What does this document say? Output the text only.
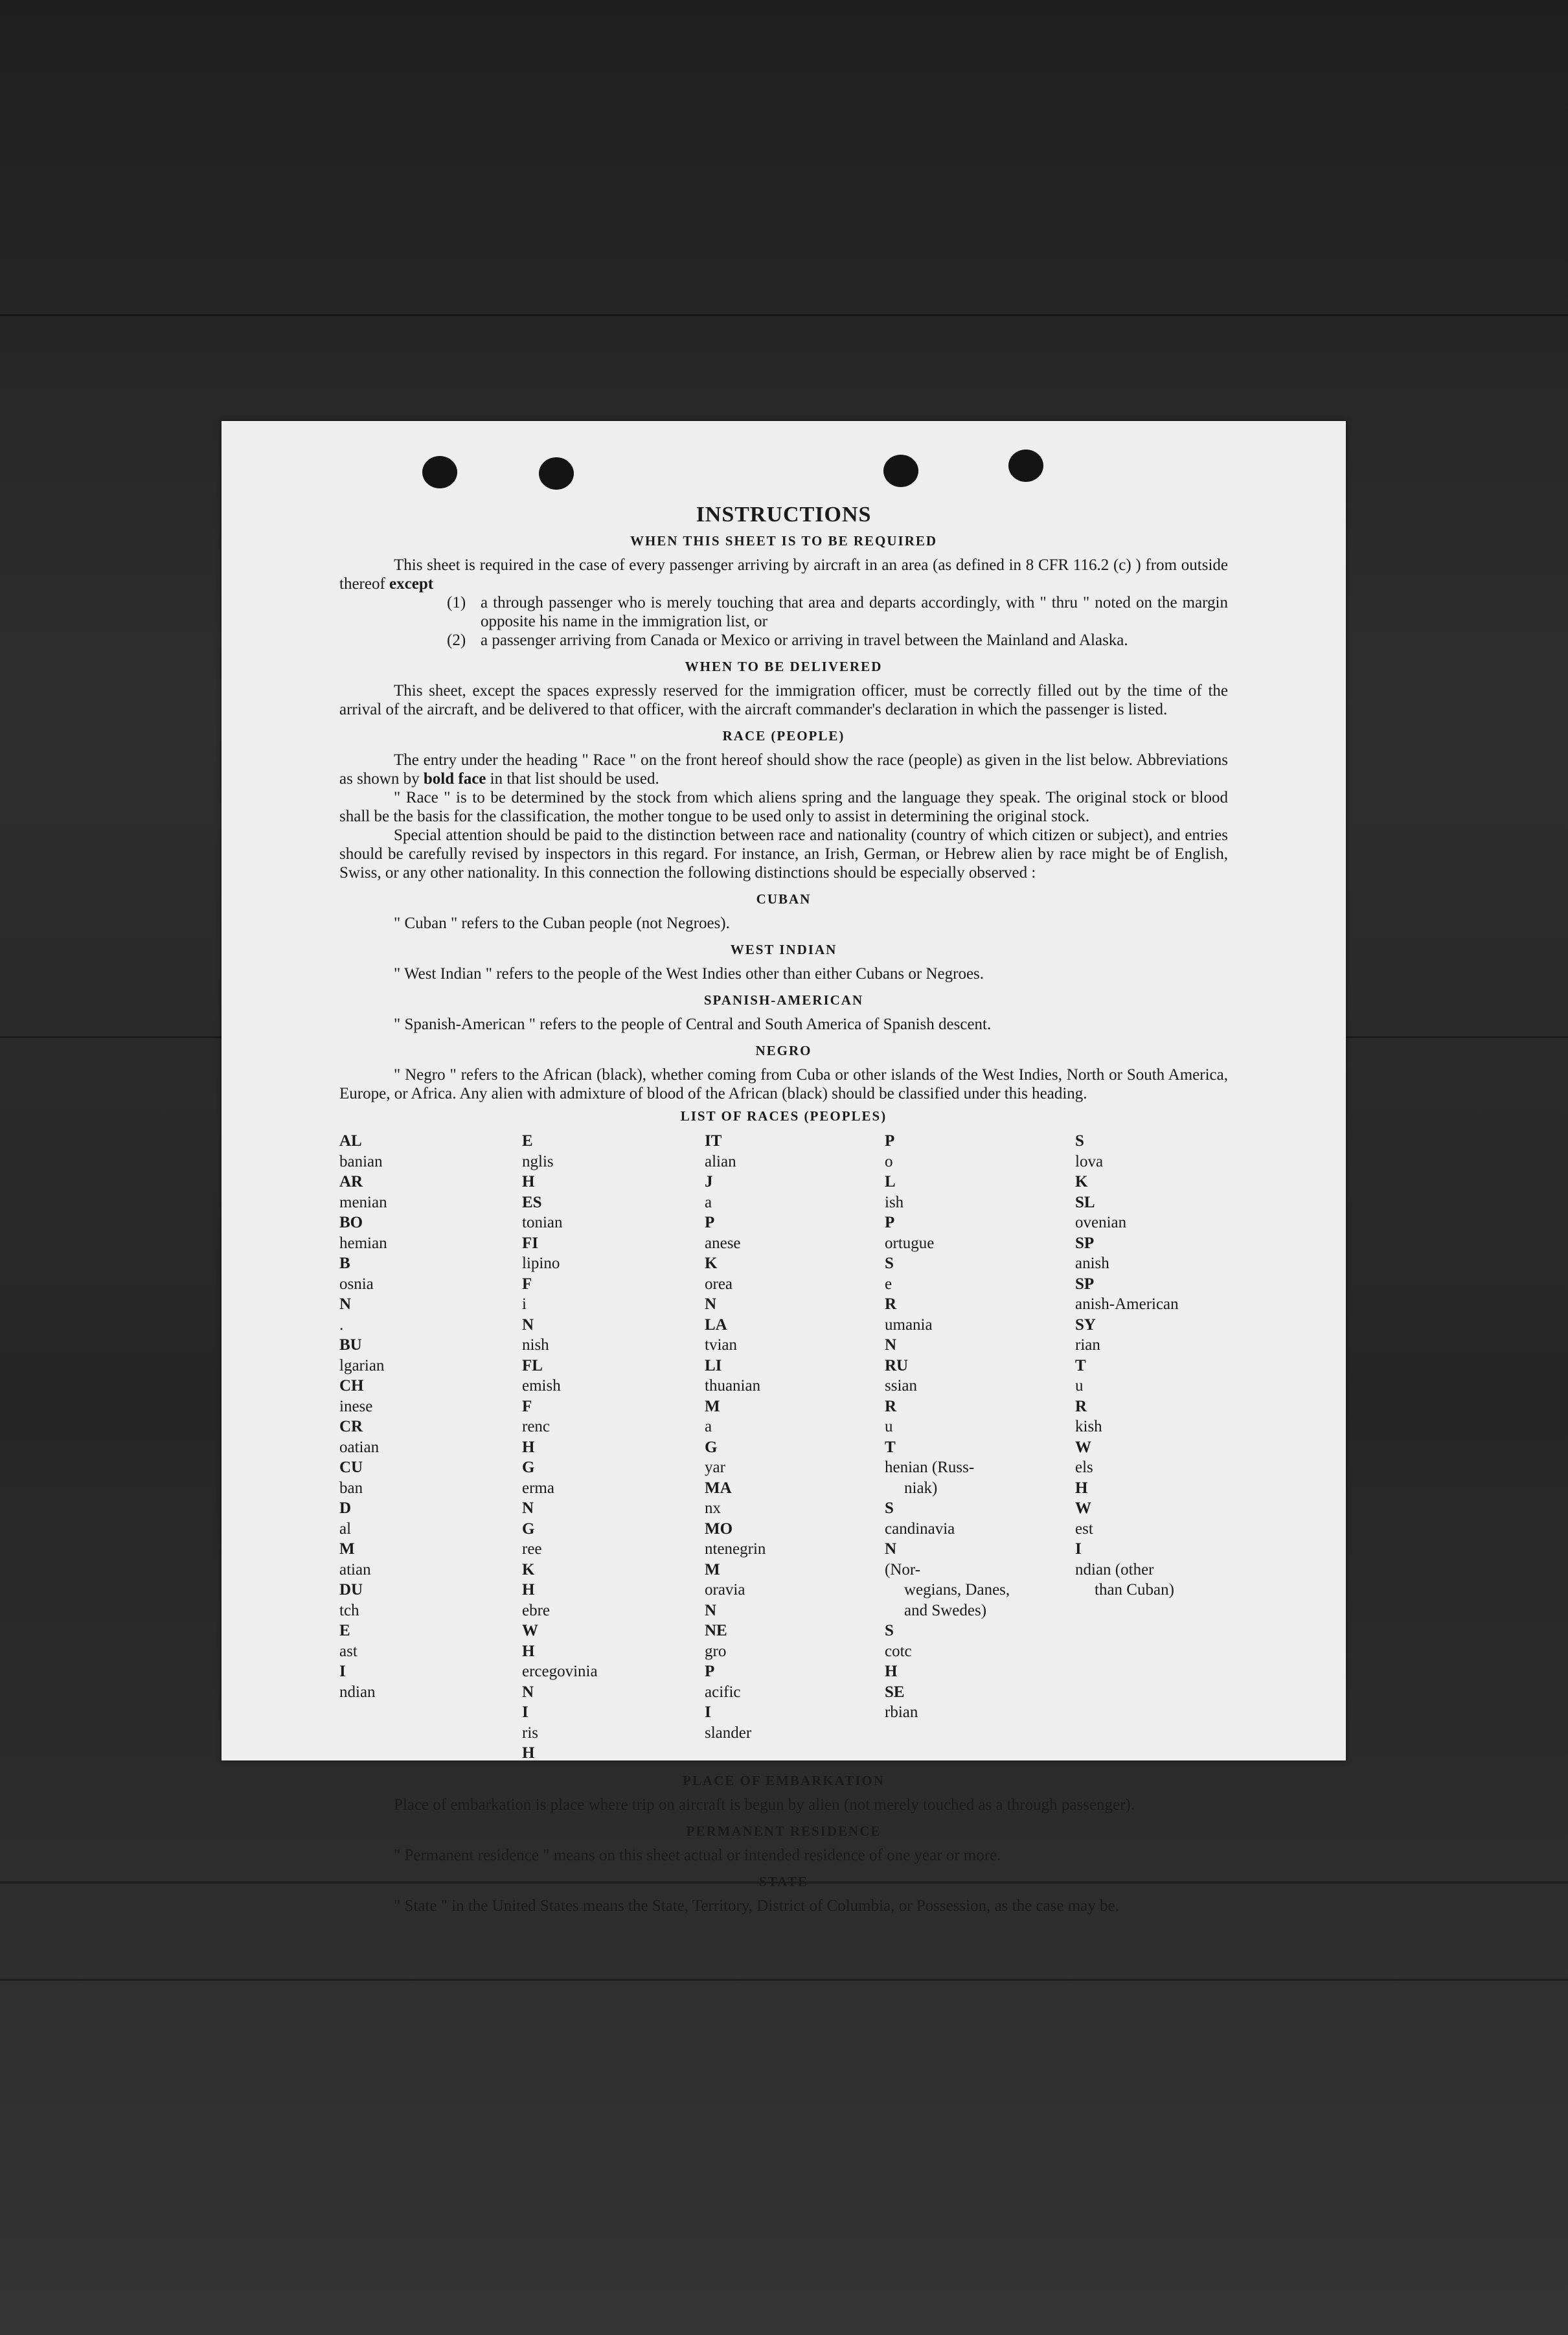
INSTRUCTIONS
WHEN THIS SHEET IS TO BE REQUIRED

This sheet is required in the case of every passenger arriving by aircraft in an area (as defined in 8 CFR 116.2 (c) ) from outside thereof except

(1) a through passenger who is merely touching that area and departs accordingly, with " thru " noted on the margin opposite his name in the immigration list, or
(2) a passenger arriving from Canada or Mexico or arriving in travel between the Mainland and Alaska.
WHEN TO BE DELIVERED

This sheet, except the spaces expressly reserved for the immigration officer, must be correctly filled out by the time of the arrival of the aircraft, and be delivered to that officer, with the aircraft commander's declaration in which the passenger is listed.

RACE (PEOPLE)

The entry under the heading " Race " on the front hereof should show the race (people) as given in the list below. Abbreviations as shown by bold face in that list should be used.

" Race " is to be determined by the stock from which aliens spring and the language they speak. The original stock or blood shall be the basis for the classification, the mother tongue to be used only to assist in determining the original stock.

Special attention should be paid to the distinction between race and nationality (country of which citizen or subject), and entries should be carefully revised by inspectors in this regard. For instance, an Irish, German, or Hebrew alien by race might be of English, Swiss, or any other nationality. In this connection the following distinctions should be especially observed :

CUBAN

" Cuban " refers to the Cuban people (not Negroes).

WEST INDIAN

" West Indian " refers to the people of the West Indies other than either Cubans or Negroes.

SPANISH-AMERICAN

" Spanish-American " refers to the people of Central and South America of Spanish descent.

NEGRO

" Negro " refers to the African (black), whether coming from Cuba or other islands of the West Indies, North or South America, Europe, or Africa. Any alien with admixture of blood of the African (black) should be classified under this heading.

LIST OF RACES (PEOPLES)
AL
banian
AR
menian
BO
hemian
B
osnia
N
.
BU
lgarian
CH
inese
CR
oatian
CU
ban
D
al
M
atian
DU
tch
E
ast
I
ndian
E
nglis
H
ES
tonian
FI
lipino
F
i
N
nish
FL
emish
F
renc
H
G
erma
N
G
ree
K
H
ebre
W
H
ercegovinia
N
I
ris
H
IT
alian
J
a
P
anese
K
orea
N
LA
tvian
LI
thuanian
M
a
G
yar
MA
nx
MO
ntenegrin
M
oravia
N
NE
gro
P
acific
I
slander
P
o
L
ish
P
ortugue
S
e
R
umania
N
RU
ssian
R
u
T
henian (Russ-
niak)
S
candinavia
N
(Nor-
wegians, Danes,
and Swedes)
S
cotc
H
SE
rbian
S
lova
K
SL
ovenian
SP
anish
SP
anish-American
SY
rian
T
u
R
kish
W
els
H
W
est
I
ndian (other
than Cuban)
PLACE OF EMBARKATION

Place of embarkation is place where trip on aircraft is begun by alien (not merely touched as a through passenger).

PERMANENT RESIDENCE

" Permanent residence " means on this sheet actual or intended residence of one year or more.

STATE

" State " in the United States means the State, Territory, District of Columbia, or Possession, as the case may be.
